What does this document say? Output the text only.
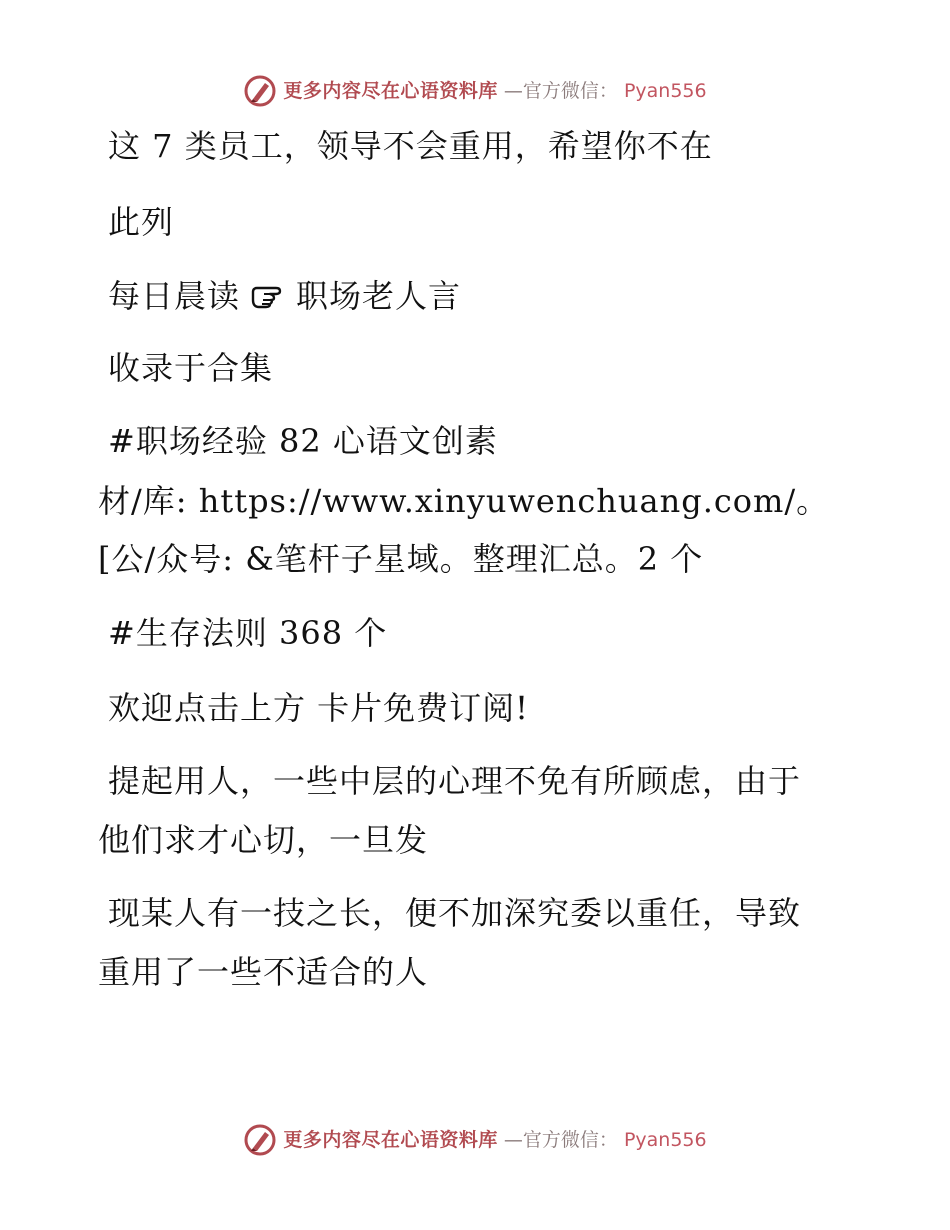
更多内容尽在心语资料库 —官方微信： Pyan556
这 7 类员工，领导不会重用，希望你不在
此列
每日晨读 职场老人言
收录于合集
#职场经验 82 心语文创素
材/库: https://www.xinyuwenchuang.com/。
[公/众号: &笔杆子星域。整理汇总。2 个
#生存法则 368 个
欢迎点击上方 卡片免费订阅!
提起用人，一些中层的心理不免有所顾虑，由于
他们求才心切，一旦发
现某人有一技之长，便不加深究委以重任，导致
重用了一些不适合的人
更多内容尽在心语资料库 —官方微信： Pyan556
